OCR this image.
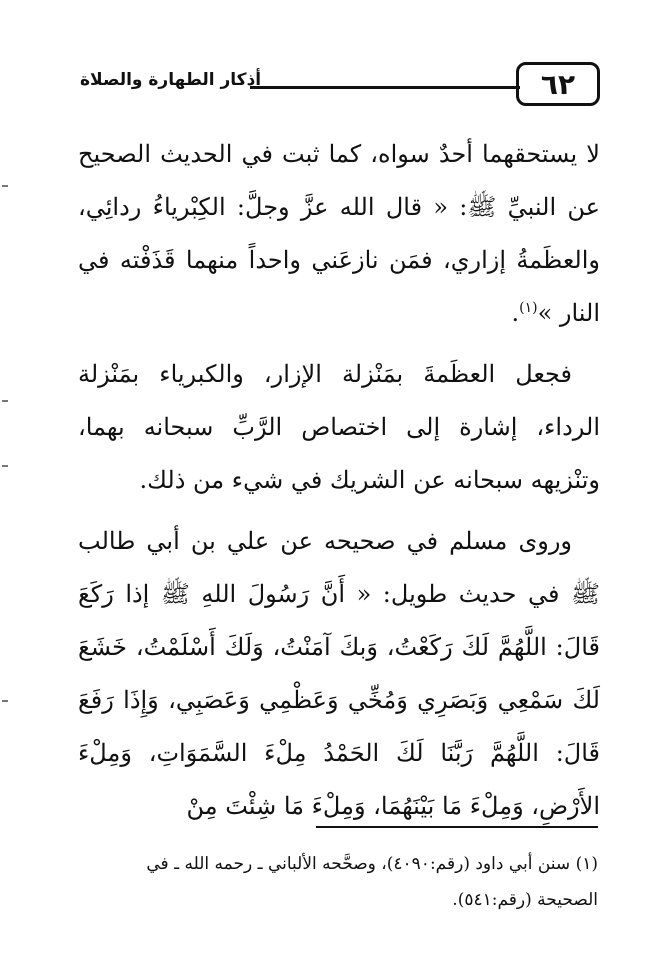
٦٢
أذكار الطهارة والصلاة

لا يستحقهما أحدٌ سواه، كما ثبت في الحديث الصحيح عن النبيِّ ﷺ: « قال الله عزَّ وجلَّ: الكِبْرياءُ ردائِي، والعظَمةُ إزاري، فمَن نازعَني واحداً منهما قَذَفْته في النار »$^{(١)}$.

فجعل العظَمةَ بمَنْزلة الإزار، والكبرياء بمَنْزلة الرداء، إشارة إلى اختصاص الرَّبِّ سبحانه بهما، وتنْزيهه سبحانه عن الشريك في شيء من ذلك.

وروى مسلم في صحيحه عن علي بن أبي طالب ﷺ في حديث طويل: « أَنَّ رَسُولَ اللهِ ﷺ إذا رَكَعَ قَالَ: اللَّهُمَّ لَكَ رَكَعْتُ، وَبكَ آمَنْتُ، وَلَكَ أَسْلَمْتُ، خَشَعَ لَكَ سَمْعِي وَبَصَرِي وَمُخِّي وَعَظْمِي وَعَصَبِي، وَإِذَا رَفَعَ قَالَ: اللَّهُمَّ رَبَّنَا لَكَ الحَمْدُ مِلْءَ السَّمَوَاتِ، وَمِلْءَ الأَرْضِ، وَمِلْءَ مَا بَيْنَهُمَا، وَمِلْءَ مَا شِئْتَ مِنْ

(١) سنن أبي داود (رقم:٤٠٩٠)، وصحَّحه الألباني ـ رحمه الله ـ في الصحيحة (رقم:٥٤١).
